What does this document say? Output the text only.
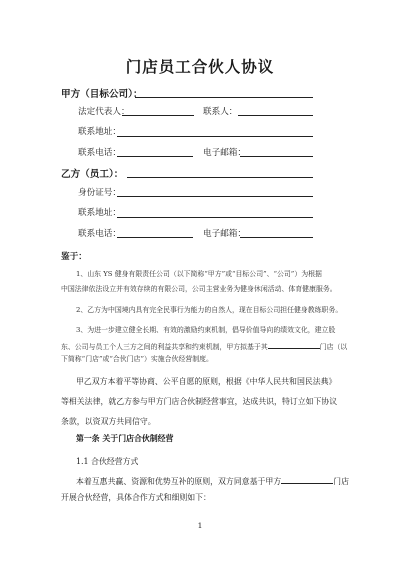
门店员工合伙人协议
甲方（目标公司）：
法定代表人：	联系人：
联系地址：
联系电话：	电子邮箱：
乙方（员工）：
身份证号：
联系地址：
联系电话：	电子邮箱：
鉴于：
1、山东 YS 健身有限责任公司（以下简称“甲方”或“目标公司”、“公司”）为根据
中国法律依法设立并有效存续的有限公司，公司主营业务为健身休闲活动、体育健康服务。
2、乙方为中国境内具有完全民事行为能力的自然人，现在目标公司担任健身教练职务。
3、为进一步建立健全长期、有效的激励约束机制，倡导价值导向的绩效文化，建立股
东、公司与员工个人三方之间的利益共享和约束机制，甲方拟基于其	门店（以
下简称“门店”或“合伙门店”）实施合伙经营制度。
甲乙双方本着平等协商、公平自愿的原则，根据《中华人民共和国民法典》
等相关法律，就乙方参与甲方门店合伙制经营事宜，达成共识，特订立如下协议
条款，以资双方共同信守。
第一条 关于门店合伙制经营
1.1 合伙经营方式
本着互惠共赢、资源和优势互补的原则，双方同意基于甲方	门店
开展合伙经营，具体合作方式和细则如下：
1
